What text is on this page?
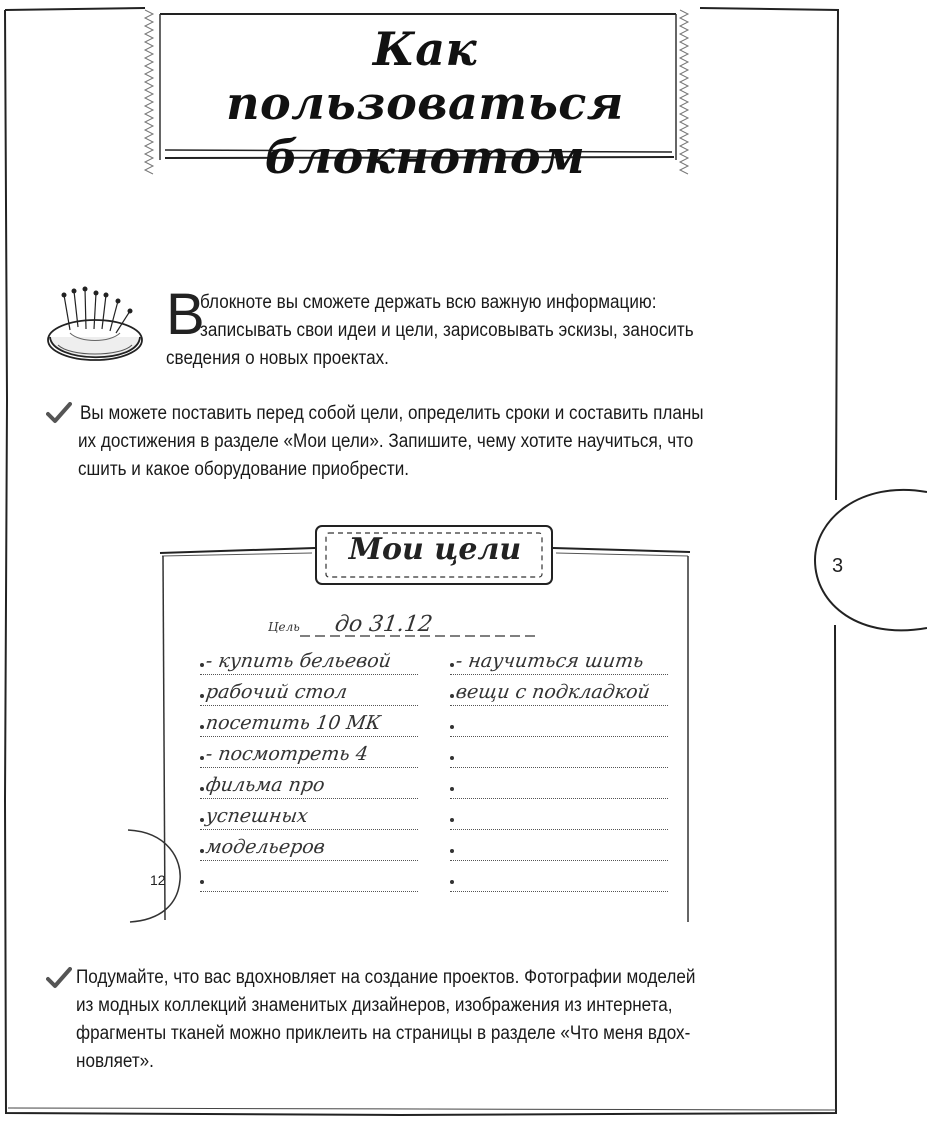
Как пользоваться
блокнотом
В
блокноте вы сможете держать всю важную информацию:
записывать свои идеи и цели, зарисовывать эскизы, заносить
сведения о новых проектах.
Вы можете поставить перед собой цели, определить сроки и составить планы
их достижения в разделе «Мои цели». Запишите, чему хотите научиться, что
сшить и какое оборудование приобрести.
Мои цели
Цель до 31.12
- купить бельевой
рабочий стол
посетить 10 МК
- посмотреть 4
фильма про
успешных
модельеров
- научиться шить
вещи с подкладкой
12
Подумайте, что вас вдохновляет на создание проектов. Фотографии моделей
из модных коллекций знаменитых дизайнеров, изображения из интернета,
фрагменты тканей можно приклеить на страницы в разделе «Что меня вдох-
новляет».
3
